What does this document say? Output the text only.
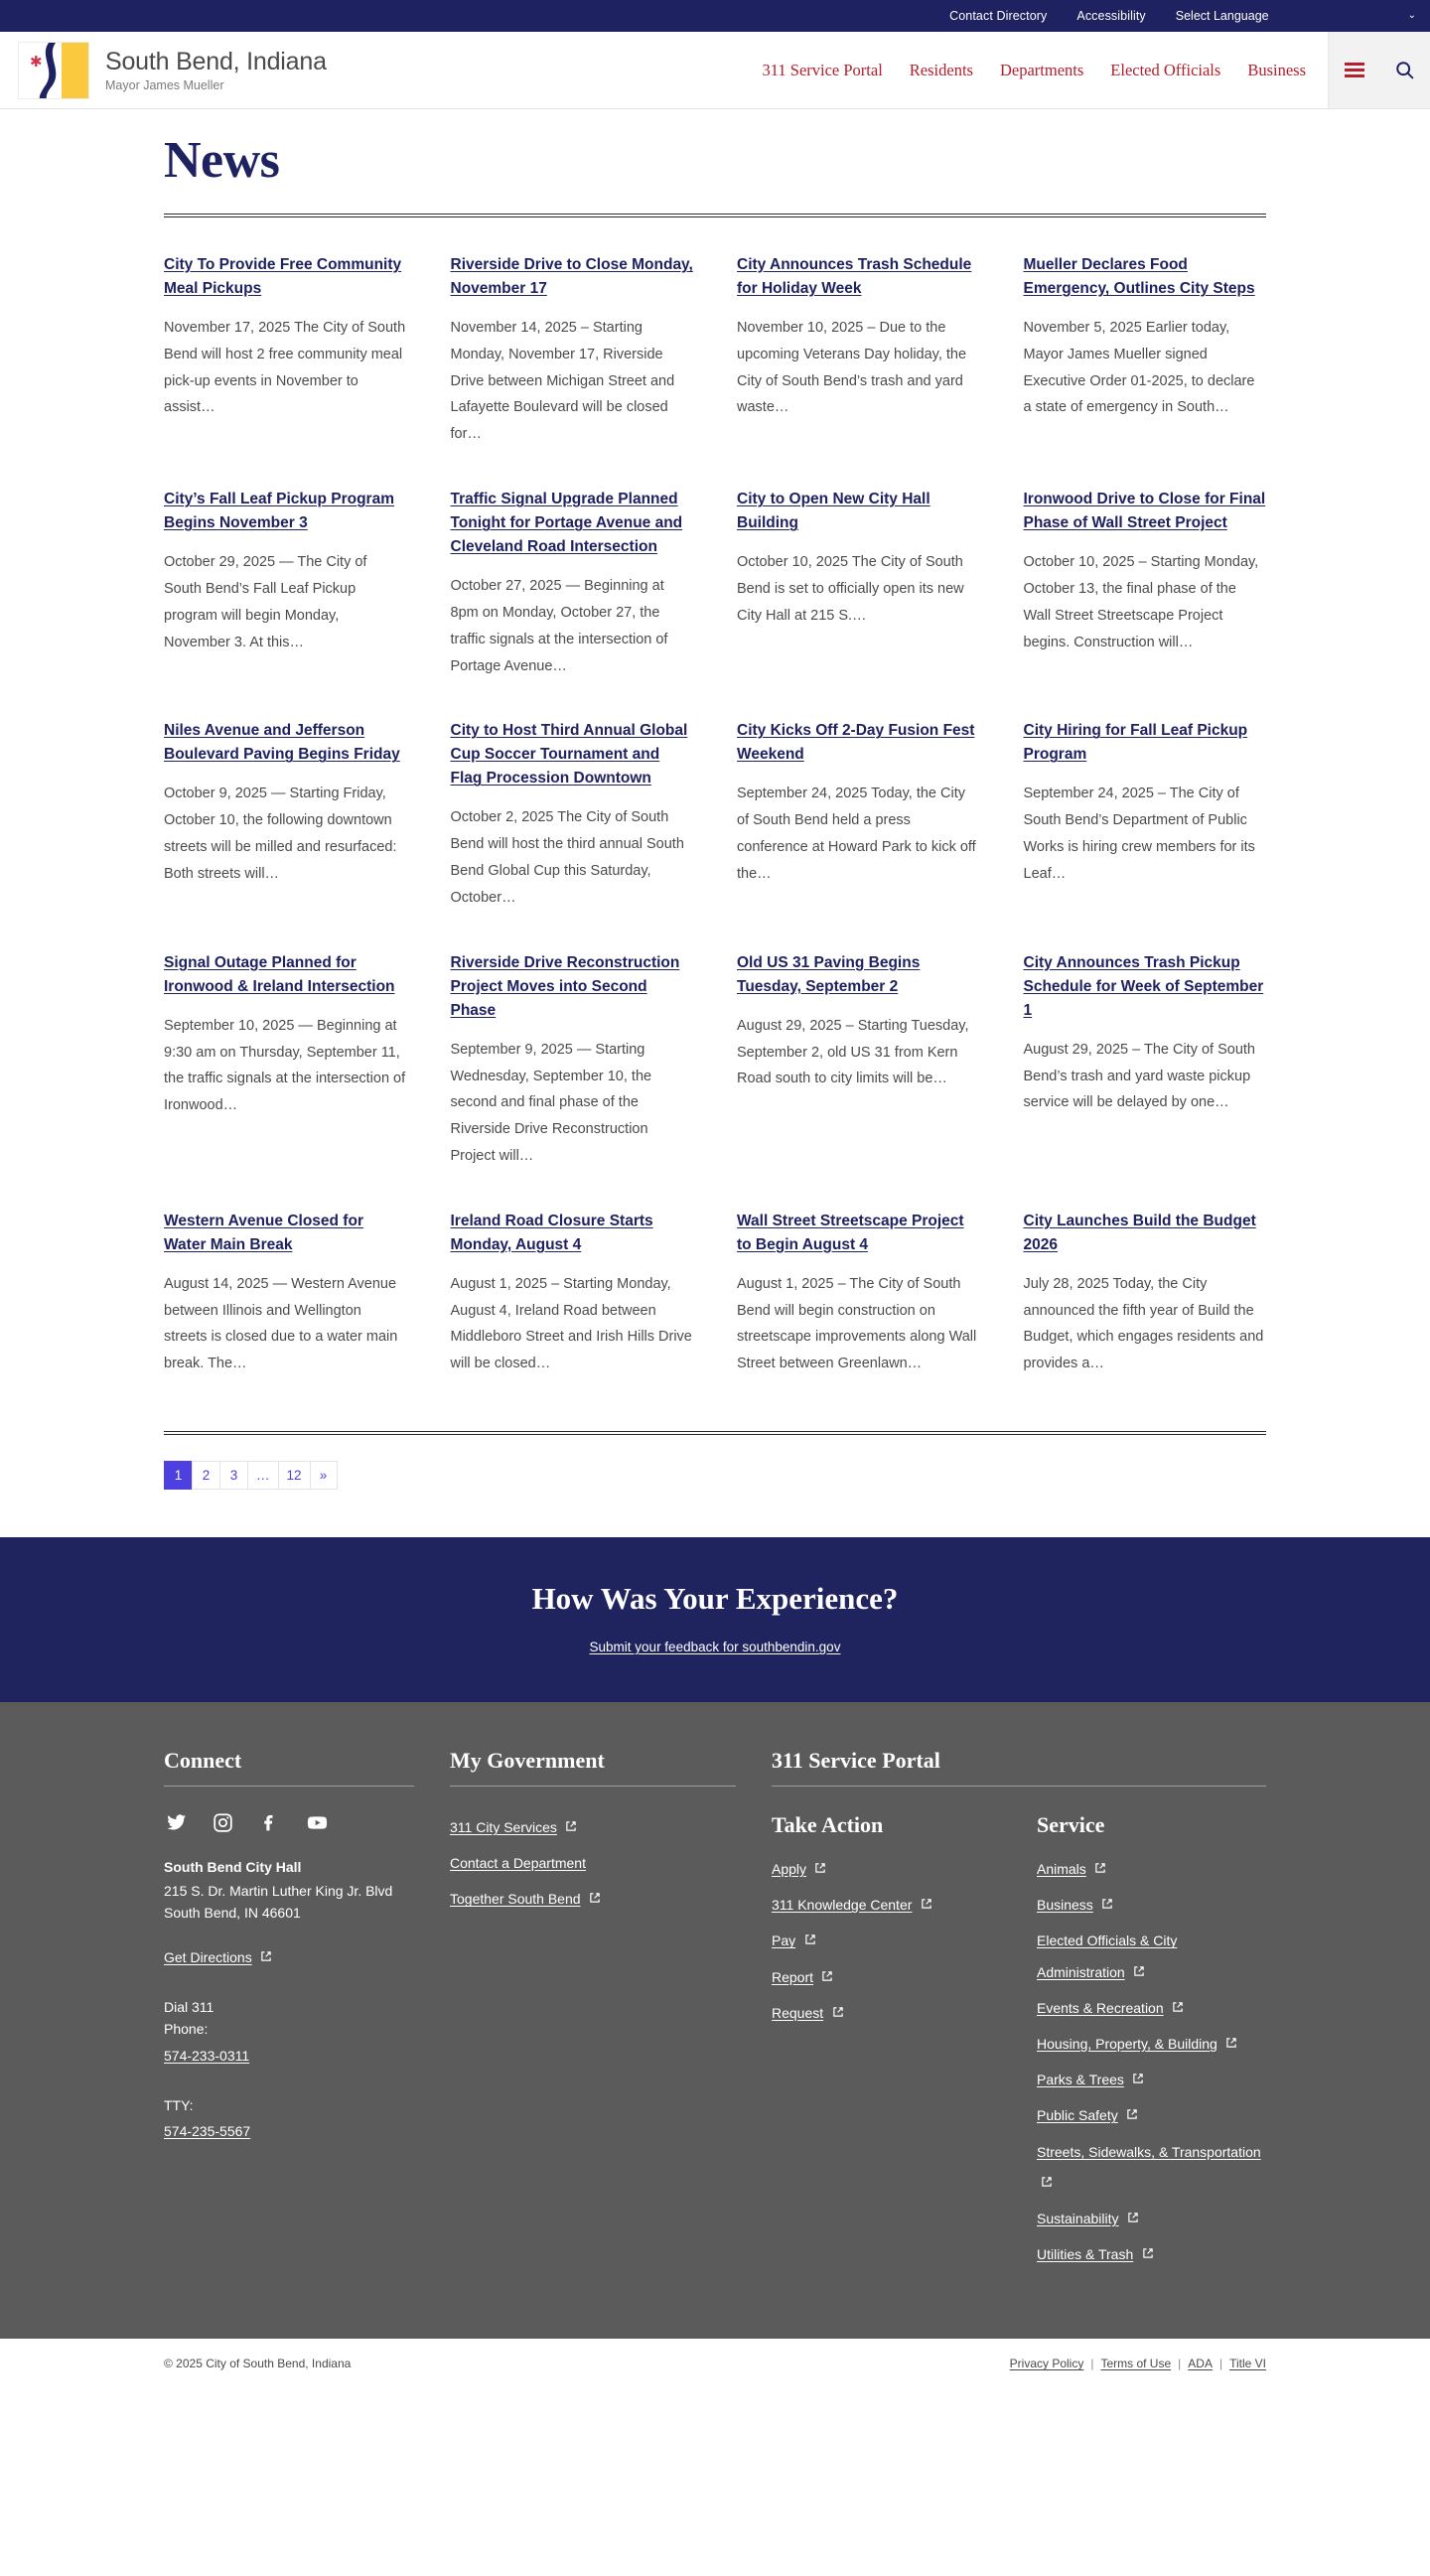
Contact Directory Accessibility Select Language	⌄
✱	South Bend, Indiana
Mayor James Mueller
311 Service Portal Residents Departments Elected Officials Business
News
City To Provide Free Community Meal Pickups

November 17, 2025 The City of South Bend will host 2 free community meal pick-up events in November to assist…

Riverside Drive to Close Monday, November 17

November 14, 2025 – Starting Monday, November 17, Riverside Drive between Michigan Street and Lafayette Boulevard will be closed for…

City Announces Trash Schedule for Holiday Week

November 10, 2025 – Due to the upcoming Veterans Day holiday, the City of South Bend’s trash and yard waste…

Mueller Declares Food Emergency, Outlines City Steps

November 5, 2025 Earlier today, Mayor James Mueller signed Executive Order 01-2025, to declare a state of emergency in South…

City’s Fall Leaf Pickup Program Begins November 3

October 29, 2025 — The City of South Bend’s Fall Leaf Pickup program will begin Monday, November 3. At this…

Traffic Signal Upgrade Planned Tonight for Portage Avenue and Cleveland Road Intersection

October 27, 2025 — Beginning at 8pm on Monday, October 27, the traffic signals at the intersection of Portage Avenue…

City to Open New City Hall Building

October 10, 2025 The City of South Bend is set to officially open its new City Hall at 215 S.…

Ironwood Drive to Close for Final Phase of Wall Street Project

October 10, 2025 – Starting Monday, October 13, the final phase of the Wall Street Streetscape Project begins. Construction will…

Niles Avenue and Jefferson Boulevard Paving Begins Friday

October 9, 2025 — Starting Friday, October 10, the following downtown streets will be milled and resurfaced: Both streets will…

City to Host Third Annual Global Cup Soccer Tournament and Flag Procession Downtown

October 2, 2025 The City of South Bend will host the third annual South Bend Global Cup this Saturday, October…

City Kicks Off 2-Day Fusion Fest Weekend

September 24, 2025 Today, the City of South Bend held a press conference at Howard Park to kick off the…

City Hiring for Fall Leaf Pickup Program

September 24, 2025 – The City of South Bend’s Department of Public Works is hiring crew members for its Leaf…

Signal Outage Planned for Ironwood & Ireland Intersection

September 10, 2025 — Beginning at 9:30 am on Thursday, September 11, the traffic signals at the intersection of Ironwood…

Riverside Drive Reconstruction Project Moves into Second Phase

September 9, 2025 — Starting Wednesday, September 10, the second and final phase of the Riverside Drive Reconstruction Project will…

Old US 31 Paving Begins Tuesday, September 2

August 29, 2025 – Starting Tuesday, September 2, old US 31 from Kern Road south to city limits will be…

City Announces Trash Pickup Schedule for Week of September 1

August 29, 2025 – The City of South Bend’s trash and yard waste pickup service will be delayed by one…

Western Avenue Closed for Water Main Break

August 14, 2025 — Western Avenue between Illinois and Wellington streets is closed due to a water main break. The…

Ireland Road Closure Starts Monday, August 4

August 1, 2025 – Starting Monday, August 4, Ireland Road between Middleboro Street and Irish Hills Drive will be closed…

Wall Street Streetscape Project to Begin August 4

August 1, 2025 – The City of South Bend will begin construction on streetscape improvements along Wall Street between Greenlawn…

City Launches Build the Budget 2026

July 28, 2025 Today, the City announced the fifth year of Build the Budget, which engages residents and provides a…

1	2	3	…	12	»
How Was Your Experience?
Submit your feedback for southbendin.gov
Connect

South Bend City Hall

215 S. Dr. Martin Luther King Jr. Blvd

South Bend, IN 46601

Get Directions

Dial 311

Phone:

574-233-0311

TTY:

574-235-5567
My Government
311 City Services
Contact a Department
Together South Bend
311 Service Portal
Take Action
Apply
311 Knowledge Center
Pay
Report
Request
Service
Animals
Business
Elected Officials & City Administration
Events & Recreation
Housing, Property, & Building
Parks & Trees
Public Safety
Streets, Sidewalks, & Transportation
Sustainability
Utilities & Trash
© 2025 City of South Bend, Indiana	Privacy Policy | Terms of Use | ADA | Title VI
